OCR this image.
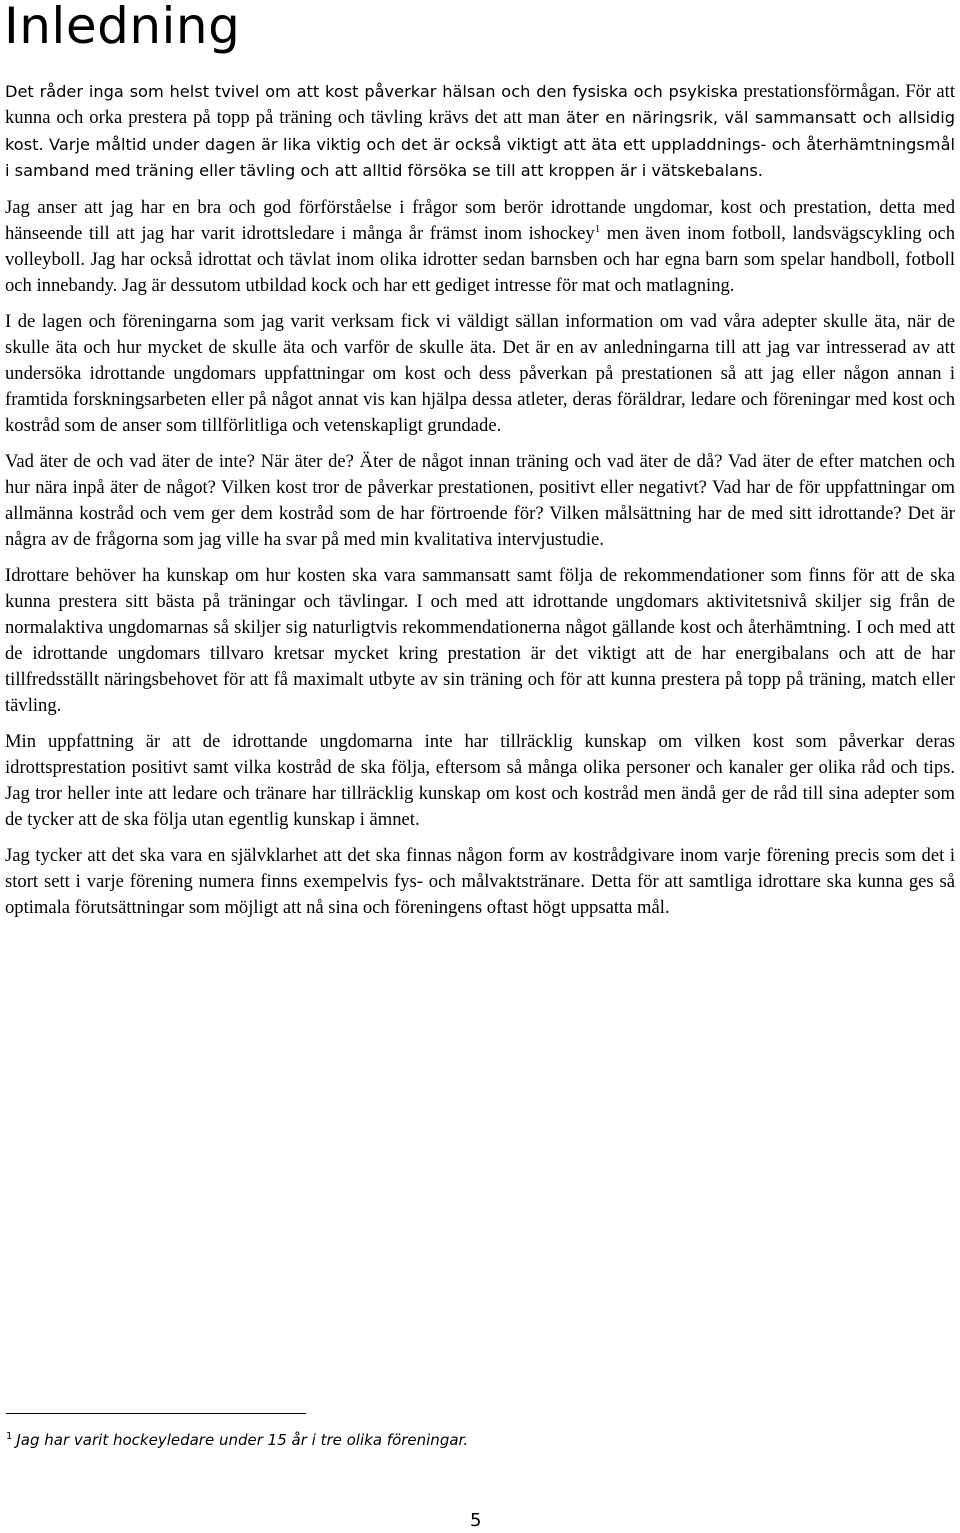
Inledning

Det råder inga som helst tvivel om att kost påverkar hälsan och den fysiska och psykiska prestationsförmågan. För att kunna och orka prestera på topp på träning och tävling krävs det att man äter en näringsrik, väl sammansatt och allsidig kost. Varje måltid under dagen är lika viktig och det är också viktigt att äta ett uppladdnings- och återhämtningsmål i samband med träning eller tävling och att alltid försöka se till att kroppen är i vätskebalans.

Jag anser att jag har en bra och god förförståelse i frågor som berör idrottande ungdomar, kost och prestation, detta med hänseende till att jag har varit idrottsledare i många år främst inom ishockey$^1$ men även inom fotboll, landsvägscykling och volleyboll. Jag har också idrottat och tävlat inom olika idrotter sedan barnsben och har egna barn som spelar handboll, fotboll och innebandy. Jag är dessutom utbildad kock och har ett gediget intresse för mat och matlagning.

I de lagen och föreningarna som jag varit verksam fick vi väldigt sällan information om vad våra adepter skulle äta, när de skulle äta och hur mycket de skulle äta och varför de skulle äta. Det är en av anledningarna till att jag var intresserad av att undersöka idrottande ungdomars uppfattningar om kost och dess påverkan på prestationen så att jag eller någon annan i framtida forskningsarbeten eller på något annat vis kan hjälpa dessa atleter, deras föräldrar, ledare och föreningar med kost och kostråd som de anser som tillförlitliga och vetenskapligt grundade.

Vad äter de och vad äter de inte? När äter de? Äter de något innan träning och vad äter de då? Vad äter de efter matchen och hur nära inpå äter de något? Vilken kost tror de påverkar prestationen, positivt eller negativt? Vad har de för uppfattningar om allmänna kostråd och vem ger dem kostråd som de har förtroende för? Vilken målsättning har de med sitt idrottande? Det är några av de frågorna som jag ville ha svar på med min kvalitativa intervjustudie.

Idrottare behöver ha kunskap om hur kosten ska vara sammansatt samt följa de rekommendationer som finns för att de ska kunna prestera sitt bästa på träningar och tävlingar. I och med att idrottande ungdomars aktivitetsnivå skiljer sig från de normalaktiva ungdomarnas så skiljer sig naturligtvis rekommendationerna något gällande kost och återhämtning. I och med att de idrottande ungdomars tillvaro kretsar mycket kring prestation är det viktigt att de har energibalans och att de har tillfredsställt näringsbehovet för att få maximalt utbyte av sin träning och för att kunna prestera på topp på träning, match eller tävling.

Min uppfattning är att de idrottande ungdomarna inte har tillräcklig kunskap om vilken kost som påverkar deras idrottsprestation positivt samt vilka kostråd de ska följa, eftersom så många olika personer och kanaler ger olika råd och tips. Jag tror heller inte att ledare och tränare har tillräcklig kunskap om kost och kostråd men ändå ger de råd till sina adepter som de tycker att de ska följa utan egentlig kunskap i ämnet.

Jag tycker att det ska vara en självklarhet att det ska finnas någon form av kostrådgivare inom varje förening precis som det i stort sett i varje förening numera finns exempelvis fys- och målvaktstränare. Detta för att samtliga idrottare ska kunna ges så optimala förutsättningar som möjligt att nå sina och föreningens oftast högt uppsatta mål.

$^1$ Jag har varit hockeyledare under 15 år i tre olika föreningar.
5
